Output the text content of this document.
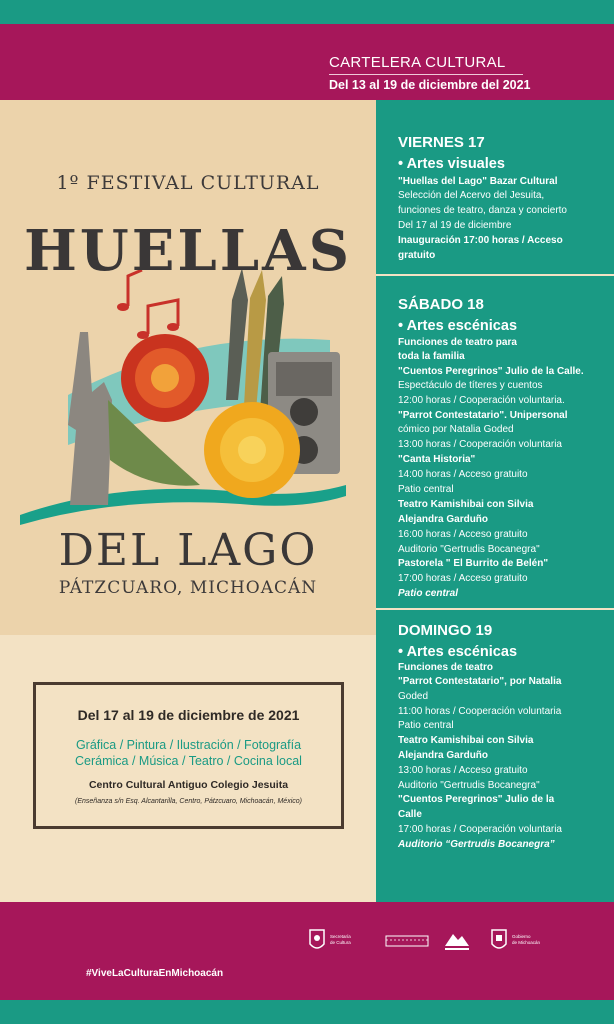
CARTELERA CULTURAL
Del 13 al 19 de diciembre del 2021
1º FESTIVAL CULTURAL
HUELLAS
DEL LAGO
PÁTZCUARO, MICHOACÁN
Del 17 al 19 de diciembre de 2021
Gráfica / Pintura / Ilustración / Fotografía
Cerámica / Música / Teatro / Cocina local
Centro Cultural Antiguo Colegio Jesuita
(Enseñanza s/n Esq. Alcantarilla, Centro, Pátzcuaro, Michoacán, México)
VIERNES 17
• Artes visuales
"Huellas del Lago" Bazar Cultural
Selección del Acervo del Jesuita,
funciones de teatro, danza y concierto
Del 17 al 19 de diciembre
Inauguración 17:00 horas / Acceso
gratuito
SÁBADO 18
• Artes escénicas
Funciones de teatro para
toda la familia
"Cuentos Peregrinos" Julio de la Calle.
Espectáculo de títeres y cuentos
12:00 horas / Cooperación voluntaria.
"Parrot Contestatario". Unipersonal
cómico por Natalia Goded
13:00 horas / Cooperación voluntaria
"Canta Historia"
14:00 horas / Acceso gratuito
Patio central
Teatro Kamishibai con Silvia
Alejandra Garduño
16:00 horas / Acceso gratuito
Auditorio "Gertrudis Bocanegra"
Pastorela " El Burrito de Belén"
17:00 horas / Acceso gratuito
Patio central
DOMINGO 19
• Artes escénicas
Funciones de teatro
"Parrot Contestatario", por Natalia
Goded
11:00 horas / Cooperación voluntaria
Patio central
Teatro Kamishibai con Silvia
Alejandra Garduño
13:00 horas / Acceso gratuito
Auditorio "Gertrudis Bocanegra"
"Cuentos Peregrinos" Julio de la
Calle
17:00 horas / Cooperación voluntaria
Auditorio “Gertrudis Bocanegra”
Secretaría
de Cultura
Gobierno
de Michoacán
#ViveLaCulturaEnMichoacán
